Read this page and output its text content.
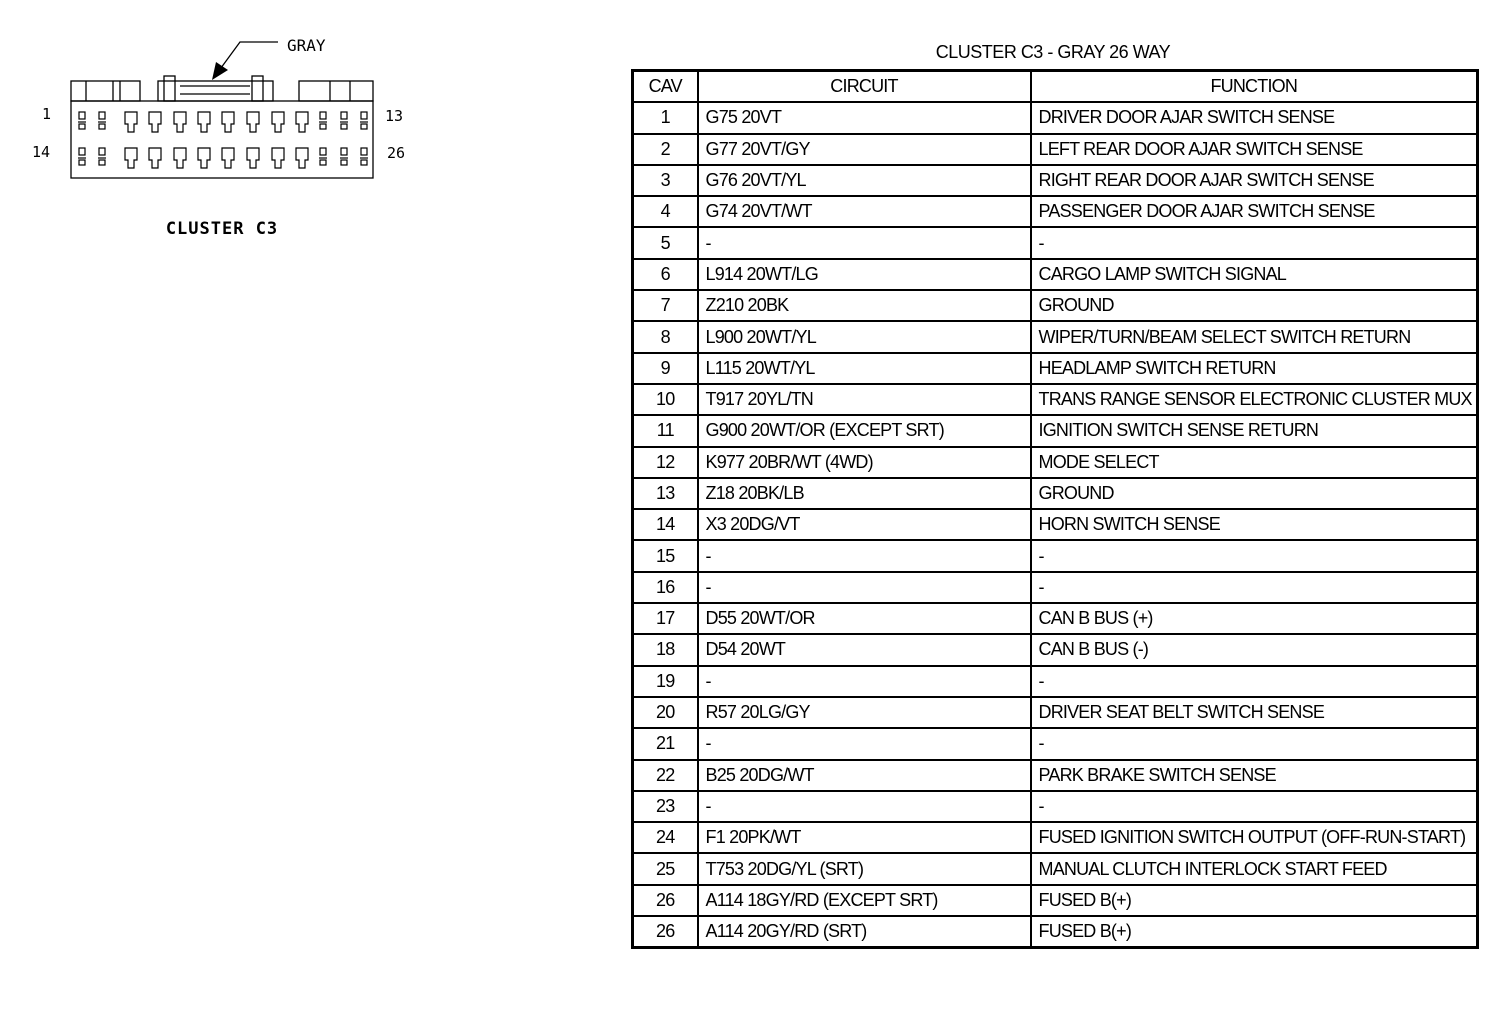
GRAY
1	13
14	26
CLUSTER C3
CLUSTER C3 - GRAY 26 WAY
CAV	CIRCUIT	FUNCTION
1	G75 20VT	DRIVER DOOR AJAR SWITCH SENSE
2	G77 20VT/GY	LEFT REAR DOOR AJAR SWITCH SENSE
3	G76 20VT/YL	RIGHT REAR DOOR AJAR SWITCH SENSE
4	G74 20VT/WT	PASSENGER DOOR AJAR SWITCH SENSE
5	-	-
6	L914 20WT/LG	CARGO LAMP SWITCH SIGNAL
7	Z210 20BK	GROUND
8	L900 20WT/YL	WIPER/TURN/BEAM SELECT SWITCH RETURN
9	L115 20WT/YL	HEADLAMP SWITCH RETURN
10	T917 20YL/TN	TRANS RANGE SENSOR ELECTRONIC CLUSTER MUX
11	G900 20WT/OR (EXCEPT SRT)	IGNITION SWITCH SENSE RETURN
12	K977 20BR/WT (4WD)	MODE SELECT
13	Z18 20BK/LB	GROUND
14	X3 20DG/VT	HORN SWITCH SENSE
15	-	-
16	-	-
17	D55 20WT/OR	CAN B BUS (+)
18	D54 20WT	CAN B BUS (-)
19	-	-
20	R57 20LG/GY	DRIVER SEAT BELT SWITCH SENSE
21	-	-
22	B25 20DG/WT	PARK BRAKE SWITCH SENSE
23	-	-
24	F1 20PK/WT	FUSED IGNITION SWITCH OUTPUT (OFF-RUN-START)
25	T753 20DG/YL (SRT)	MANUAL CLUTCH INTERLOCK START FEED
26	A114 18GY/RD (EXCEPT SRT)	FUSED B(+)
26	A114 20GY/RD (SRT)	FUSED B(+)
